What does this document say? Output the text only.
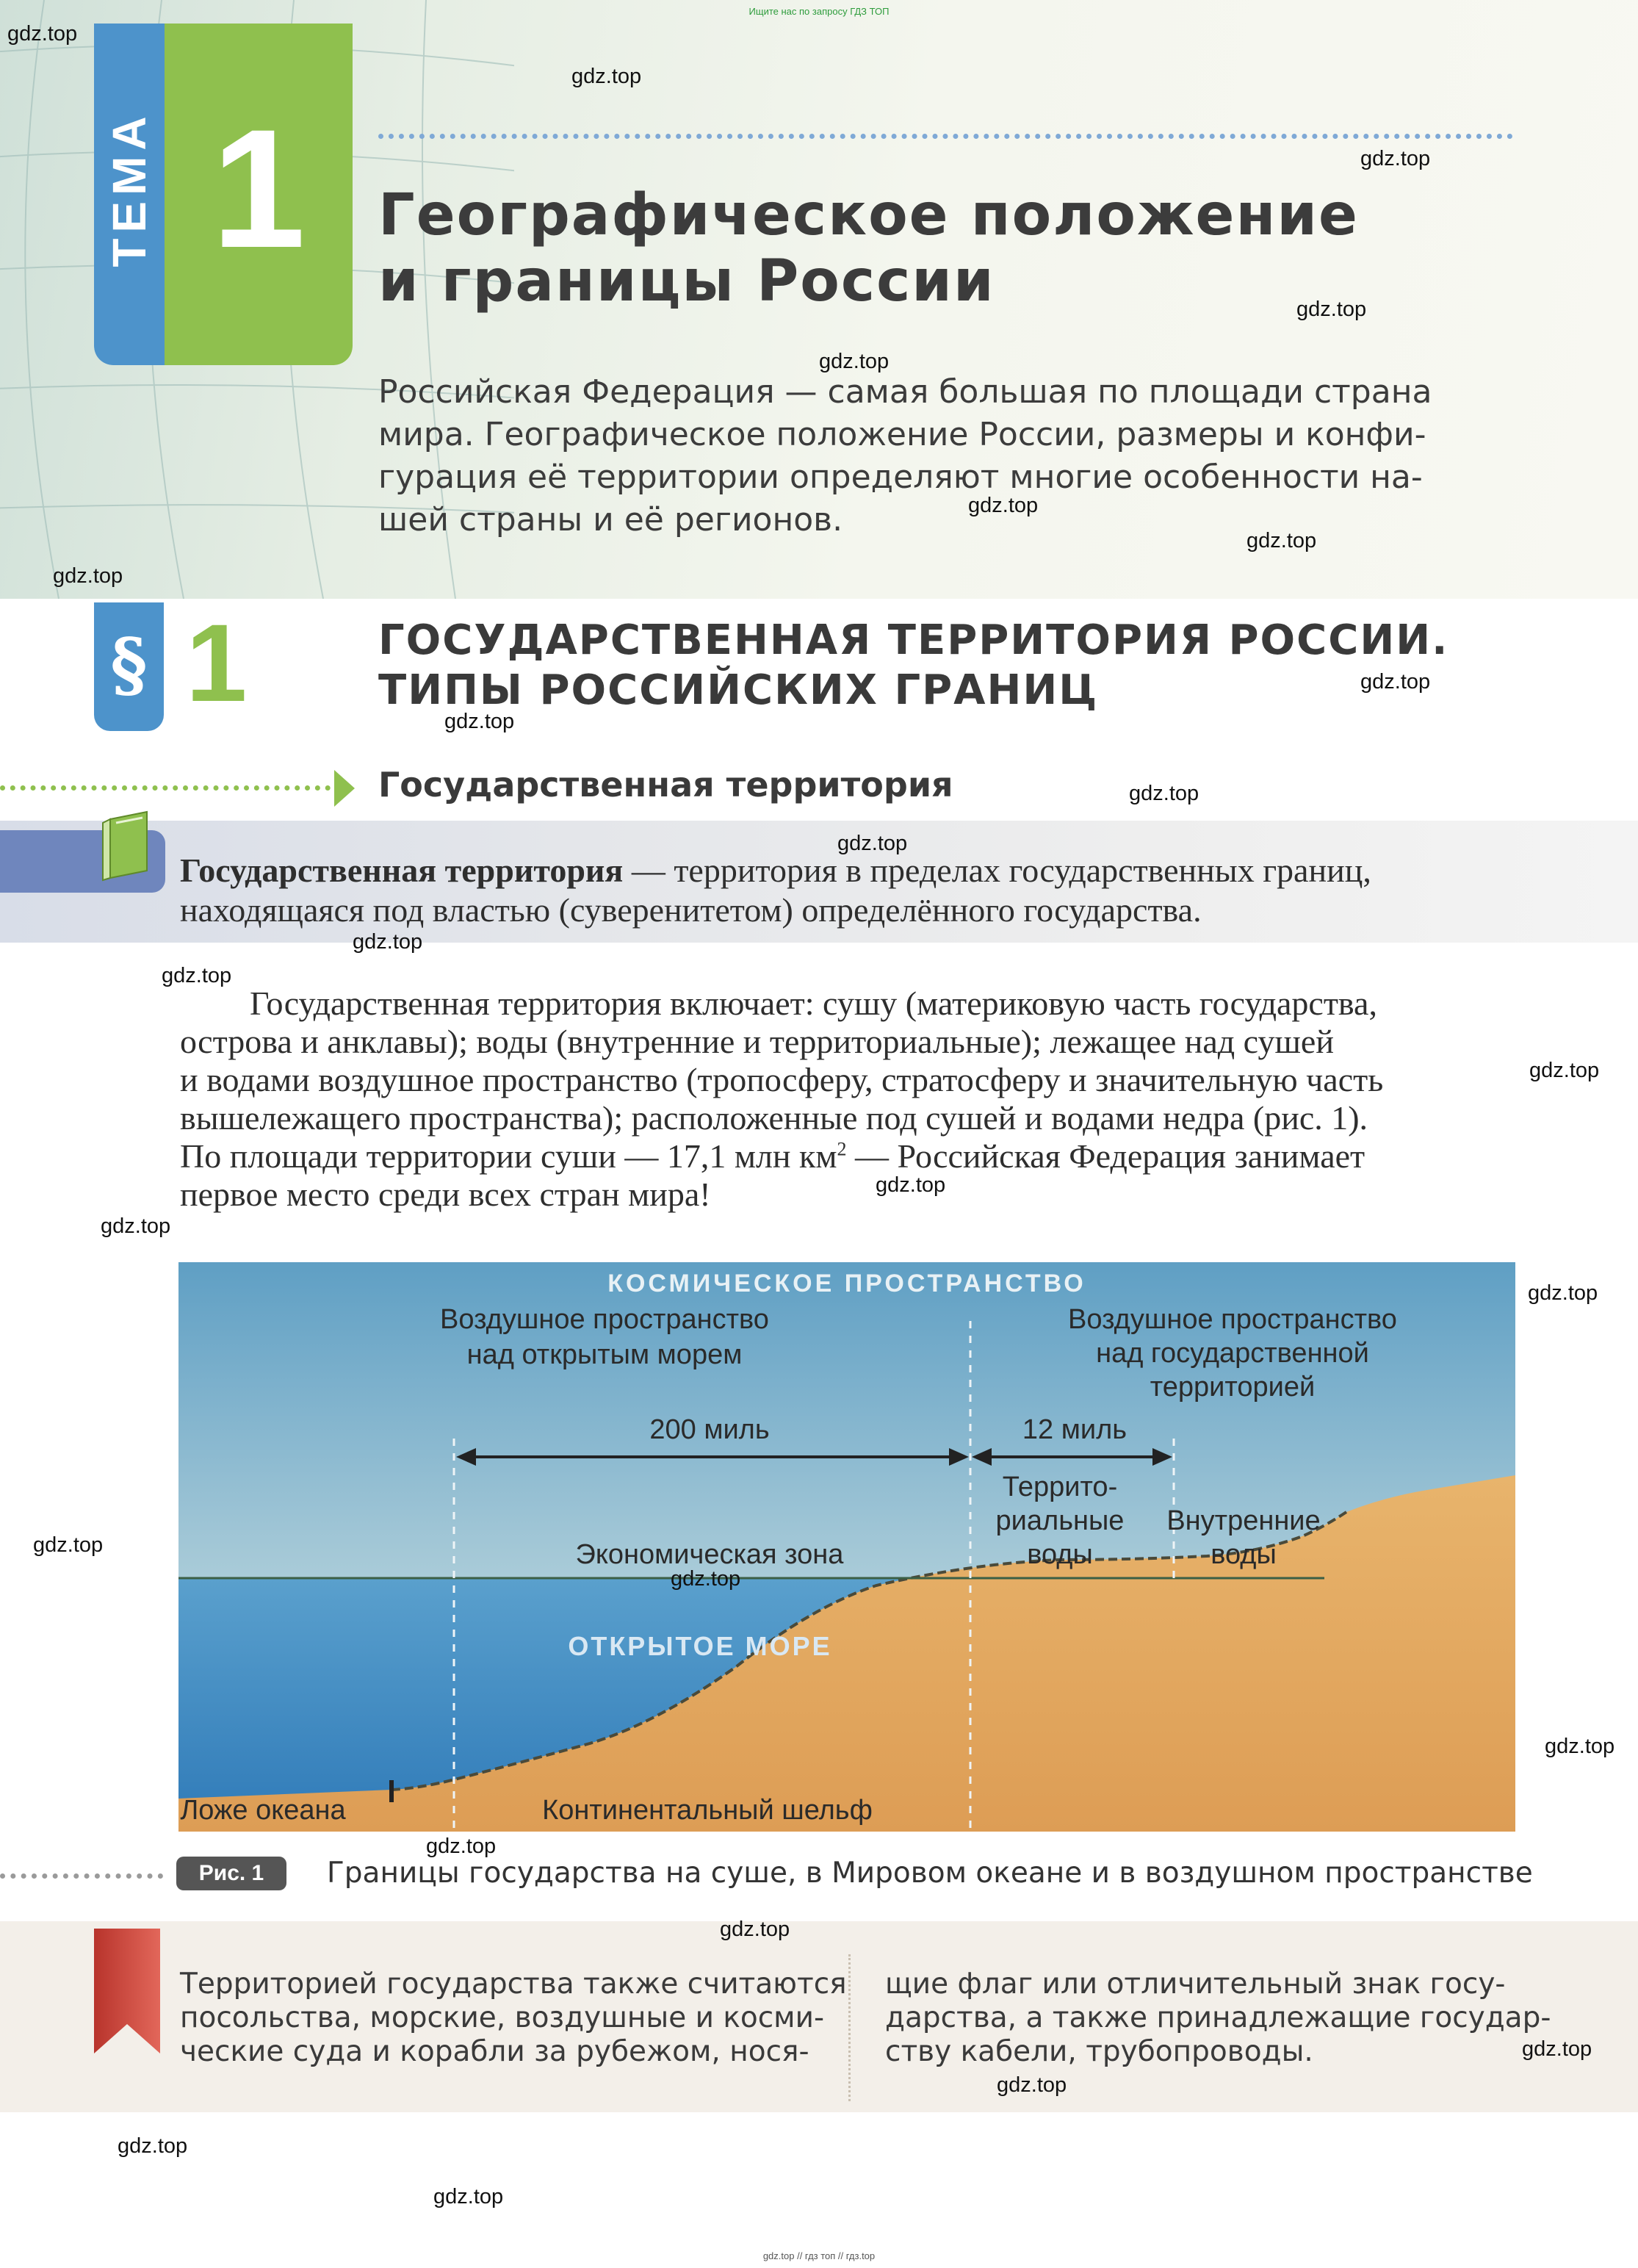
Ищите нас по запросу ГДЗ ТОП
ТЕМА 1	Географическое положение
и границы России
Российская Федерация — самая большая по площади страна
мира. Географическое положение России, размеры и конфи-
гурация её территории определяют многие особенности на-
шей страны и её регионов.
§ 1	ГОСУДАРСТВЕННАЯ ТЕРРИТОРИЯ РОССИИ.
ТИПЫ РОССИЙСКИХ ГРАНИЦ
Государственная территория
Государственная территория — территория в пределах государственных границ,
находящаяся под властью (суверенитетом) определённого государства.
Государственная территория включает: сушу (материковую часть государства,
острова и анклавы); воды (внутренние и территориальные); лежащее над сушей
и водами воздушное пространство (тропосферу, стратосферу и значительную часть
вышележащего пространства); расположенные под сушей и водами недра (рис. 1).
По площади территории суши — 17,1 млн $км^2$ — Российская Федерация занимает
первое место среди всех стран мира!
КОСМИЧЕСКОЕ ПРОСТРАНСТВО
Воздушное пространство
над открытым морем
Воздушное пространство
над государственной
территорией
200 миль	12 миль
Террито-
риальные
воды
Внутренние
воды
Экономическая зона
ОТКРЫТОЕ МОРЕ
Ложе океана	Континентальный шельф
Рис. 1	Границы государства на суше, в Мировом океане и в воздушном пространстве
Территорией государства также считаются
посольства, морские, воздушные и косми-
ческие суда и корабли за рубежом, нося-
щие флаг или отличительный знак госу-
дарства, а также принадлежащие государ-
ству кабели, трубопроводы.
gdz.top
gdz.top
gdz.top
gdz.top
gdz.top
gdz.top
gdz.top
gdz.top
gdz.top
gdz.top
gdz.top
gdz.top
gdz.top
gdz.top
gdz.top
gdz.top
gdz.top
gdz.top
gdz.top
gdz.top
gdz.top
gdz.top
gdz.top
gdz.top
gdz.top
gdz.top
gdz.top
gdz.top // гдз топ // гдз.top
